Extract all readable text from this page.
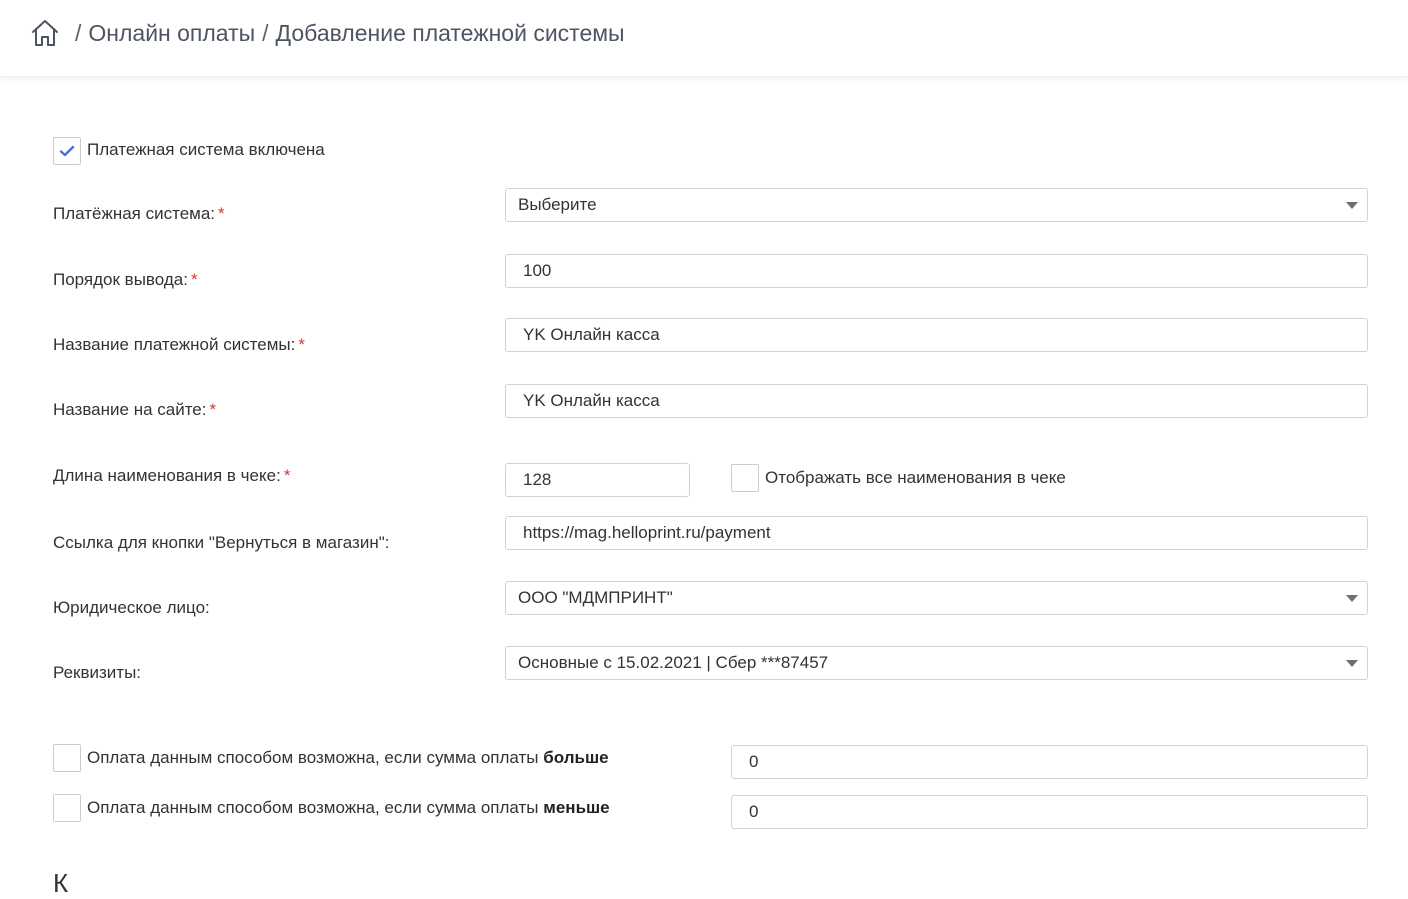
/ Онлайн оплаты / Добавление платежной системы
Платежная система включена
Платёжная система: *	Выберите
Порядок вывода: *	100
Название платежной системы: *
YK Онлайн касса
Название на сайте: *	YK Онлайн касса
Длина наименования в чеке: *	128	Отображать все наименования в чеке
Ссылка для кнопки "Вернуться в магазин":
https://mag.helloprint.ru/payment
Юридическое лицо:
ООО "МДМПРИНТ"
Реквизиты:
Основные с 15.02.2021 | Сбер ***87457
Оплата данным способом возможна, если сумма оплаты больше	0
Оплата данным способом возможна, если сумма оплаты меньше	0
К
